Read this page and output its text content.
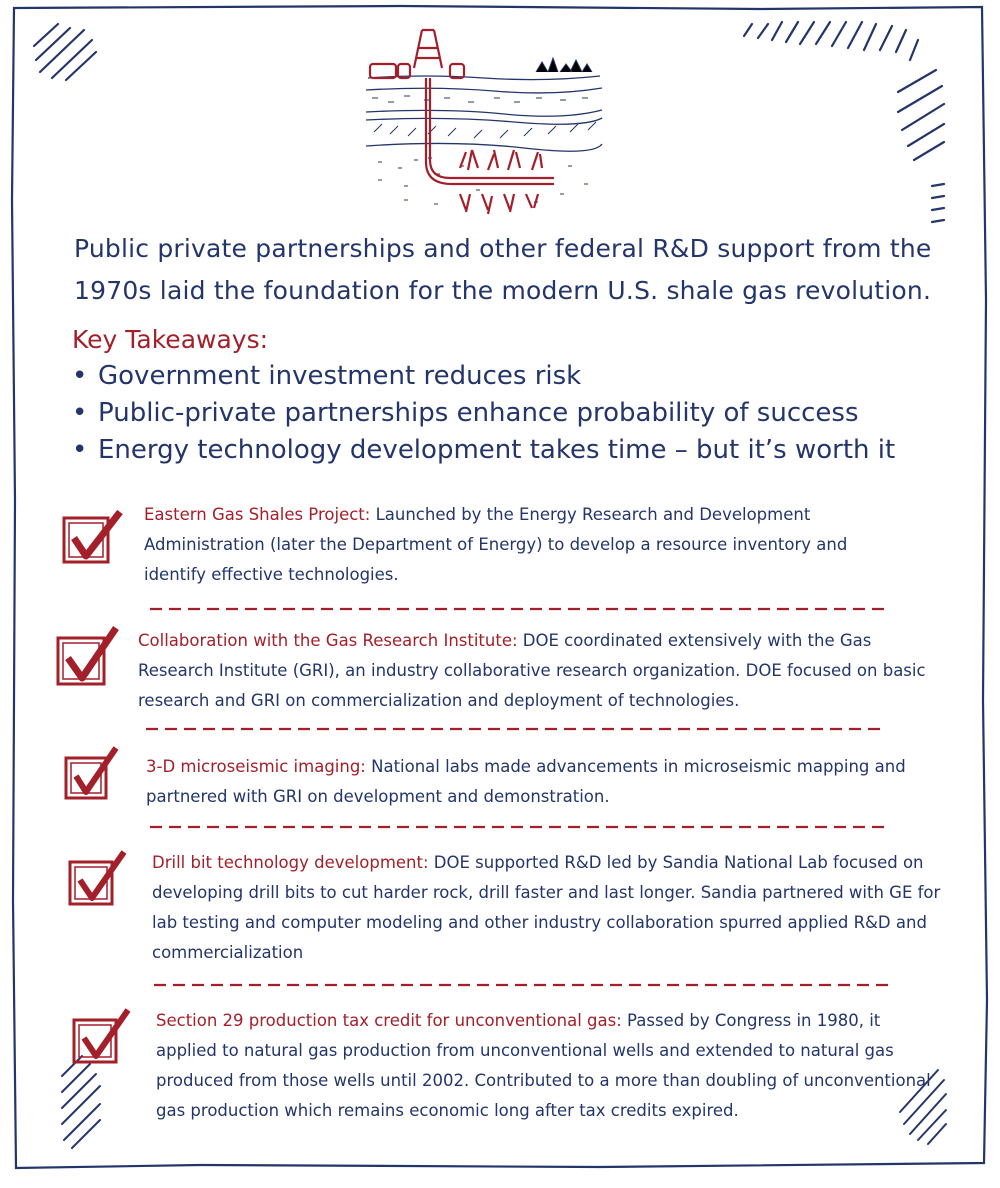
Public private partnerships and other federal R&D support from the 1970s laid the foundation for the modern U.S. shale gas revolution.
Key Takeaways:
• Government investment reduces risk
• Public-private partnerships enhance probability of success
• Energy technology development takes time – but it’s worth it
Eastern Gas Shales Project: Launched by the Energy Research and Development Administration (later the Department of Energy) to develop a resource inventory and identify effective technologies.
Collaboration with the Gas Research Institute: DOE coordinated extensively with the Gas Research Institute (GRI), an industry collaborative research organization. DOE focused on basic research and GRI on commercialization and deployment of technologies.
3-D microseismic imaging: National labs made advancements in microseismic mapping and partnered with GRI on development and demonstration.
Drill bit technology development: DOE supported R&D led by Sandia National Lab focused on developing drill bits to cut harder rock, drill faster and last longer. Sandia partnered with GE for lab testing and computer modeling and other industry collaboration spurred applied R&D and commercialization
Section 29 production tax credit for unconventional gas: Passed by Congress in 1980, it applied to natural gas production from unconventional wells and extended to natural gas produced from those wells until 2002. Contributed to a more than doubling of unconventional gas production which remains economic long after tax credits expired.
